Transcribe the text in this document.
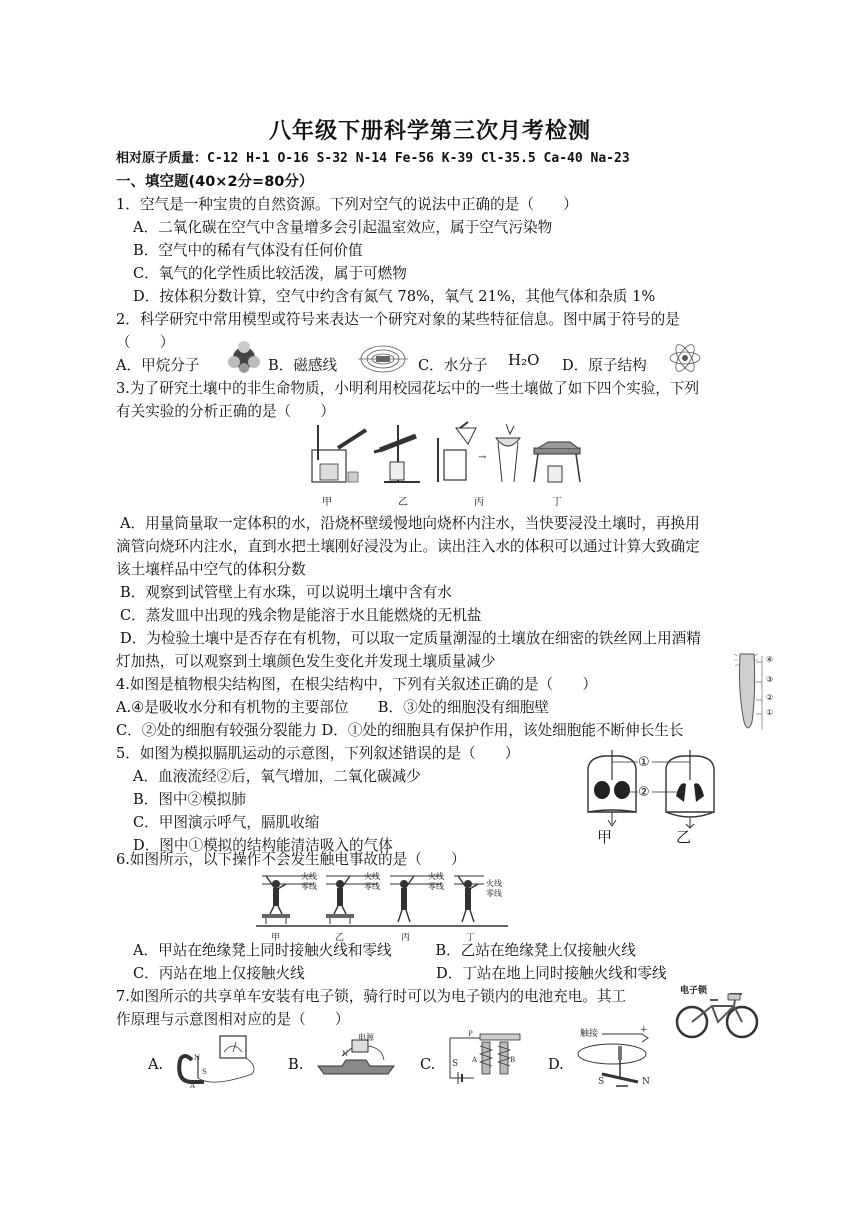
八年级下册科学第三次月考检测
相对原子质量：C-12 H-1 O-16 S-32 N-14 Fe-56 K-39 Cl-35.5 Ca-40 Na-23
一、填空题(40×2分=80分）
1．空气是一种宝贵的自然资源。下列对空气的说法中正确的是（　　）
A．二氧化碳在空气中含量增多会引起温室效应，属于空气污染物
B．空气中的稀有气体没有任何价值
C．氧气的化学性质比较活泼，属于可燃物
D．按体积分数计算，空气中约含有氮气 78%，氧气 21%，其他气体和杂质 1%
2．科学研究中常用模型或符号来表达一个研究对象的某些特征信息。图中属于符号的是
（　　）
A．甲烷分子	B．磁感线	C．水分子 H₂O D．原子结构
3.为了研究土壤中的非生命物质，小明利用校园花坛中的一些土壤做了如下四个实验，下列
有关实验的分析正确的是（　　）
→
甲	乙	丙	丁
A．用量筒量取一定体积的水，沿烧杯壁缓慢地向烧杯内注水，当快要浸没土壤时，再换用
滴管向烧环内注水，直到水把土壤刚好浸没为止。读出注入水的体积可以通过计算大致确定
该土壤样品中空气的体积分数
B．观察到试管壁上有水珠，可以说明土壤中含有水
C．蒸发皿中出现的残余物是能溶于水且能燃烧的无机盐
D．为检验土壤中是否存在有机物，可以取一定质量潮湿的土壤放在细密的铁丝网上用酒精
灯加热，可以观察到土壤颜色发生变化并发现土壤质量减少
4.如图是植物根尖结构图，在根尖结构中，下列有关叙述正确的是（　　）
A.④是吸收水分和有机物的主要部位　　B．③处的细胞没有细胞壁
C．②处的细胞有较强分裂能力 D．①处的细胞具有保护作用，该处细胞能不断伸长生长
④
③
②
①
5．如图为模拟膈肌运动的示意图，下列叙述错误的是（　　）
A．血液流经②后，氧气增加，二氧化碳减少
B．图中②模拟肺
C．甲图演示呼气，膈肌收缩
D．图中①模拟的结构能清洁吸入的气体
①
②
甲	乙
6.如图所示，以下操作不会发生触电事故的是（　　）
火线
零线
火线
零线
火线
零线	火线
零线
甲	乙	丙	丁
A．甲站在绝缘凳上同时接触火线和零线　　　B．乙站在绝缘凳上仅接触火线
C．丙站在地上仅接触火线　　　　　　　　　D．丁站在地上同时接触火线和零线
7.如图所示的共享单车安装有电子锁，骑行时可以为电子锁内的电池充电。其工
作原理与示意图相对应的是（　　）
电子锁
A.	N
S
A
B.
N
电源
C. S A	B
P
D.
S	N
+
触接
